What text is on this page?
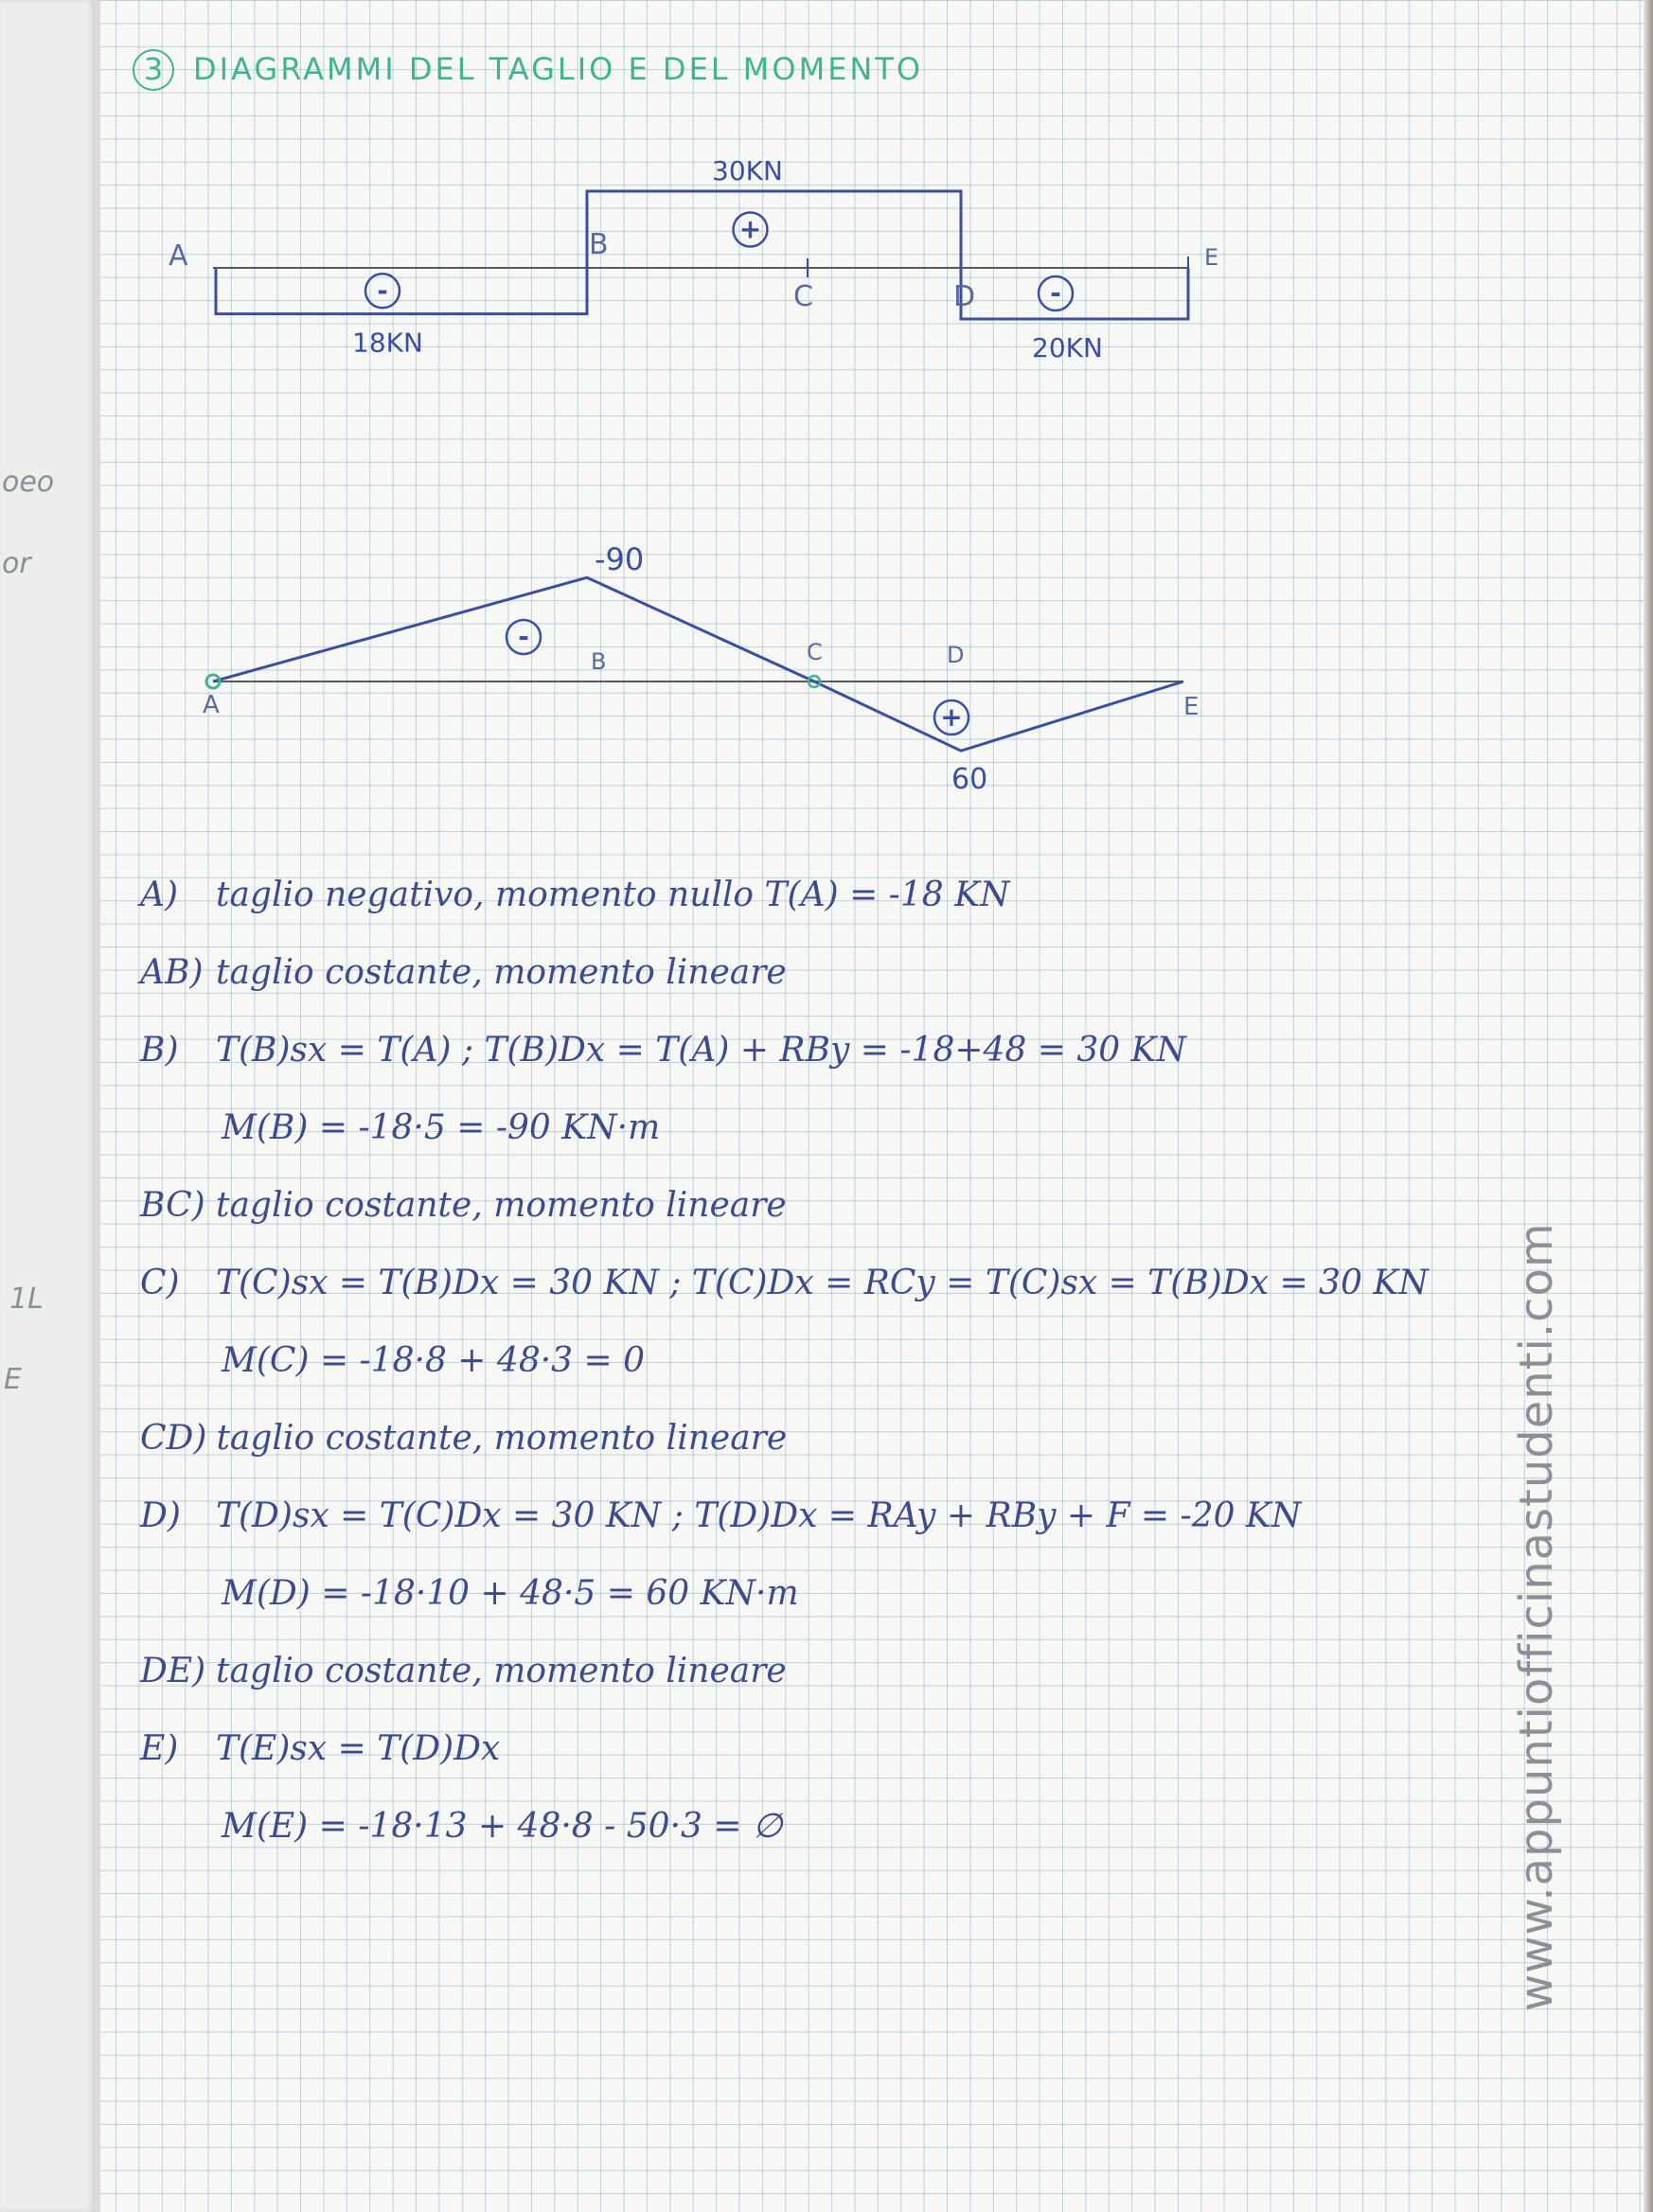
oeo
or
1L
E
3 DIAGRAMMI DEL TAGLIO E DEL MOMENTO
A	B
C	D
E
18KN
30KN
20KN
-
+
-
A
B	C	D
E
-90
60
-
+
A) taglio negativo, momento nullo T(A) = -18 KN
AB) taglio costante, momento lineare
B) T(B)sx = T(A) ; T(B)Dx = T(A) + RBy = -18+48 = 30 KN
M(B) = -18·5 = -90 KN·m
BC) taglio costante, momento lineare
C) T(C)sx = T(B)Dx = 30 KN ; T(C)Dx = RCy = T(C)sx = T(B)Dx = 30 KN
M(C) = -18·8 + 48·3 = 0
CD) taglio costante, momento lineare
D) T(D)sx = T(C)Dx = 30 KN ; T(D)Dx = RAy + RBy + F = -20 KN
M(D) = -18·10 + 48·5 = 60 KN·m
DE) taglio costante, momento lineare
E) T(E)sx = T(D)Dx
M(E) = -18·13 + 48·8 - 50·3 = ∅	www.appuntiofficinastudenti.com
